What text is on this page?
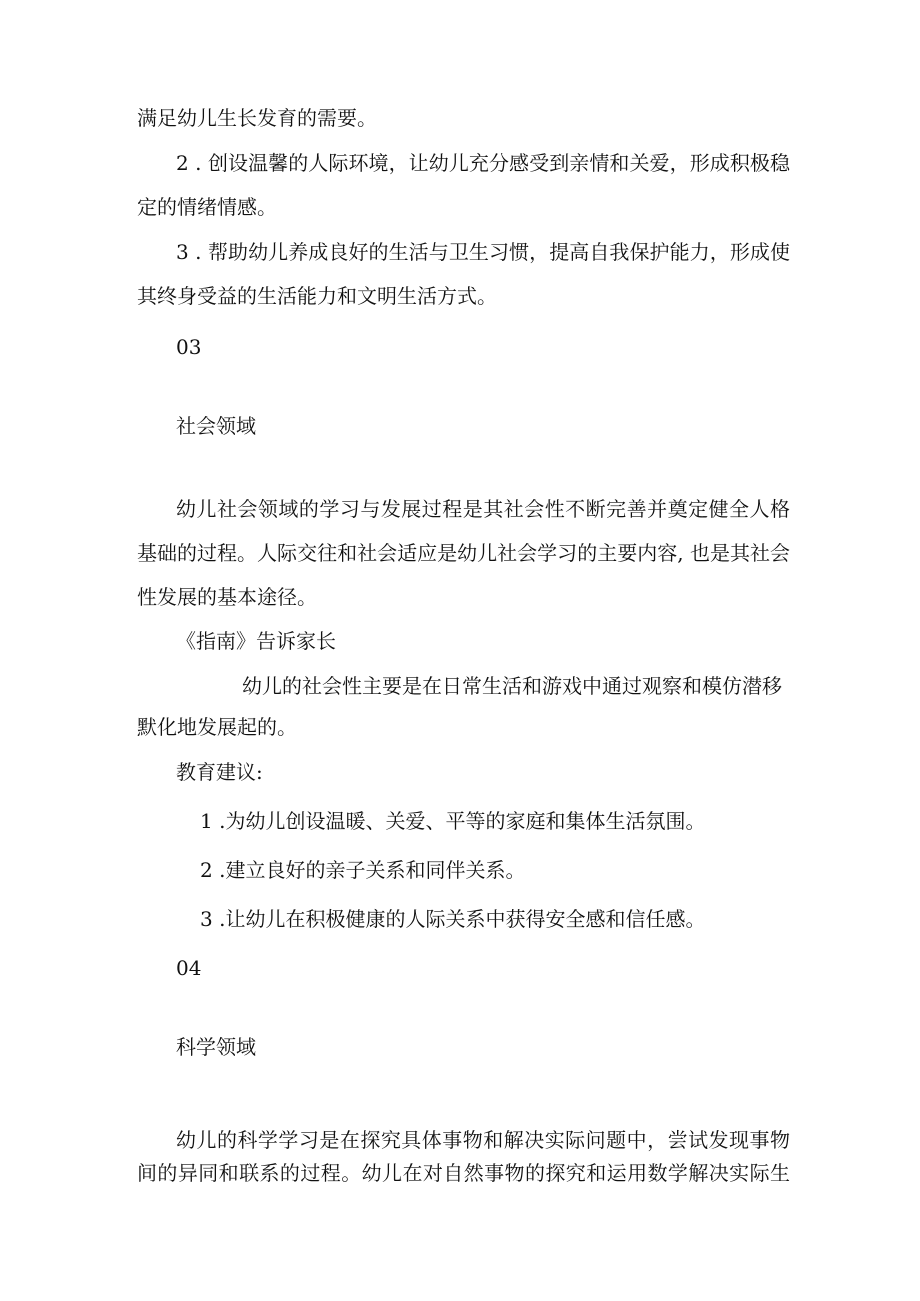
满足幼儿生长发育的需要。

2 . 创设温馨的人际环境，让幼儿充分感受到亲情和关爱，形成积极稳

定的情绪情感。

3 . 帮助幼儿养成良好的生活与卫生习惯，提高自我保护能力，形成使

其终身受益的生活能力和文明生活方式。

03

社会领域

幼儿社会领域的学习与发展过程是其社会性不断完善并奠定健全人格

基础的过程。人际交往和社会适应是幼儿社会学习的主要内容, 也是其社会

性发展的基本途径。

《指南》告诉家长

幼儿的社会性主要是在日常生活和游戏中通过观察和模仿潜移

默化地发展起的。

教育建议:

1 .为幼儿创设温暖、关爱、平等的家庭和集体生活氛围。

2 .建立良好的亲子关系和同伴关系。

3 .让幼儿在积极健康的人际关系中获得安全感和信任感。

04

科学领域

幼儿的科学学习是在探究具体事物和解决实际问题中，尝试发现事物

间的异同和联系的过程。幼儿在对自然事物的探究和运用数学解决实际生
